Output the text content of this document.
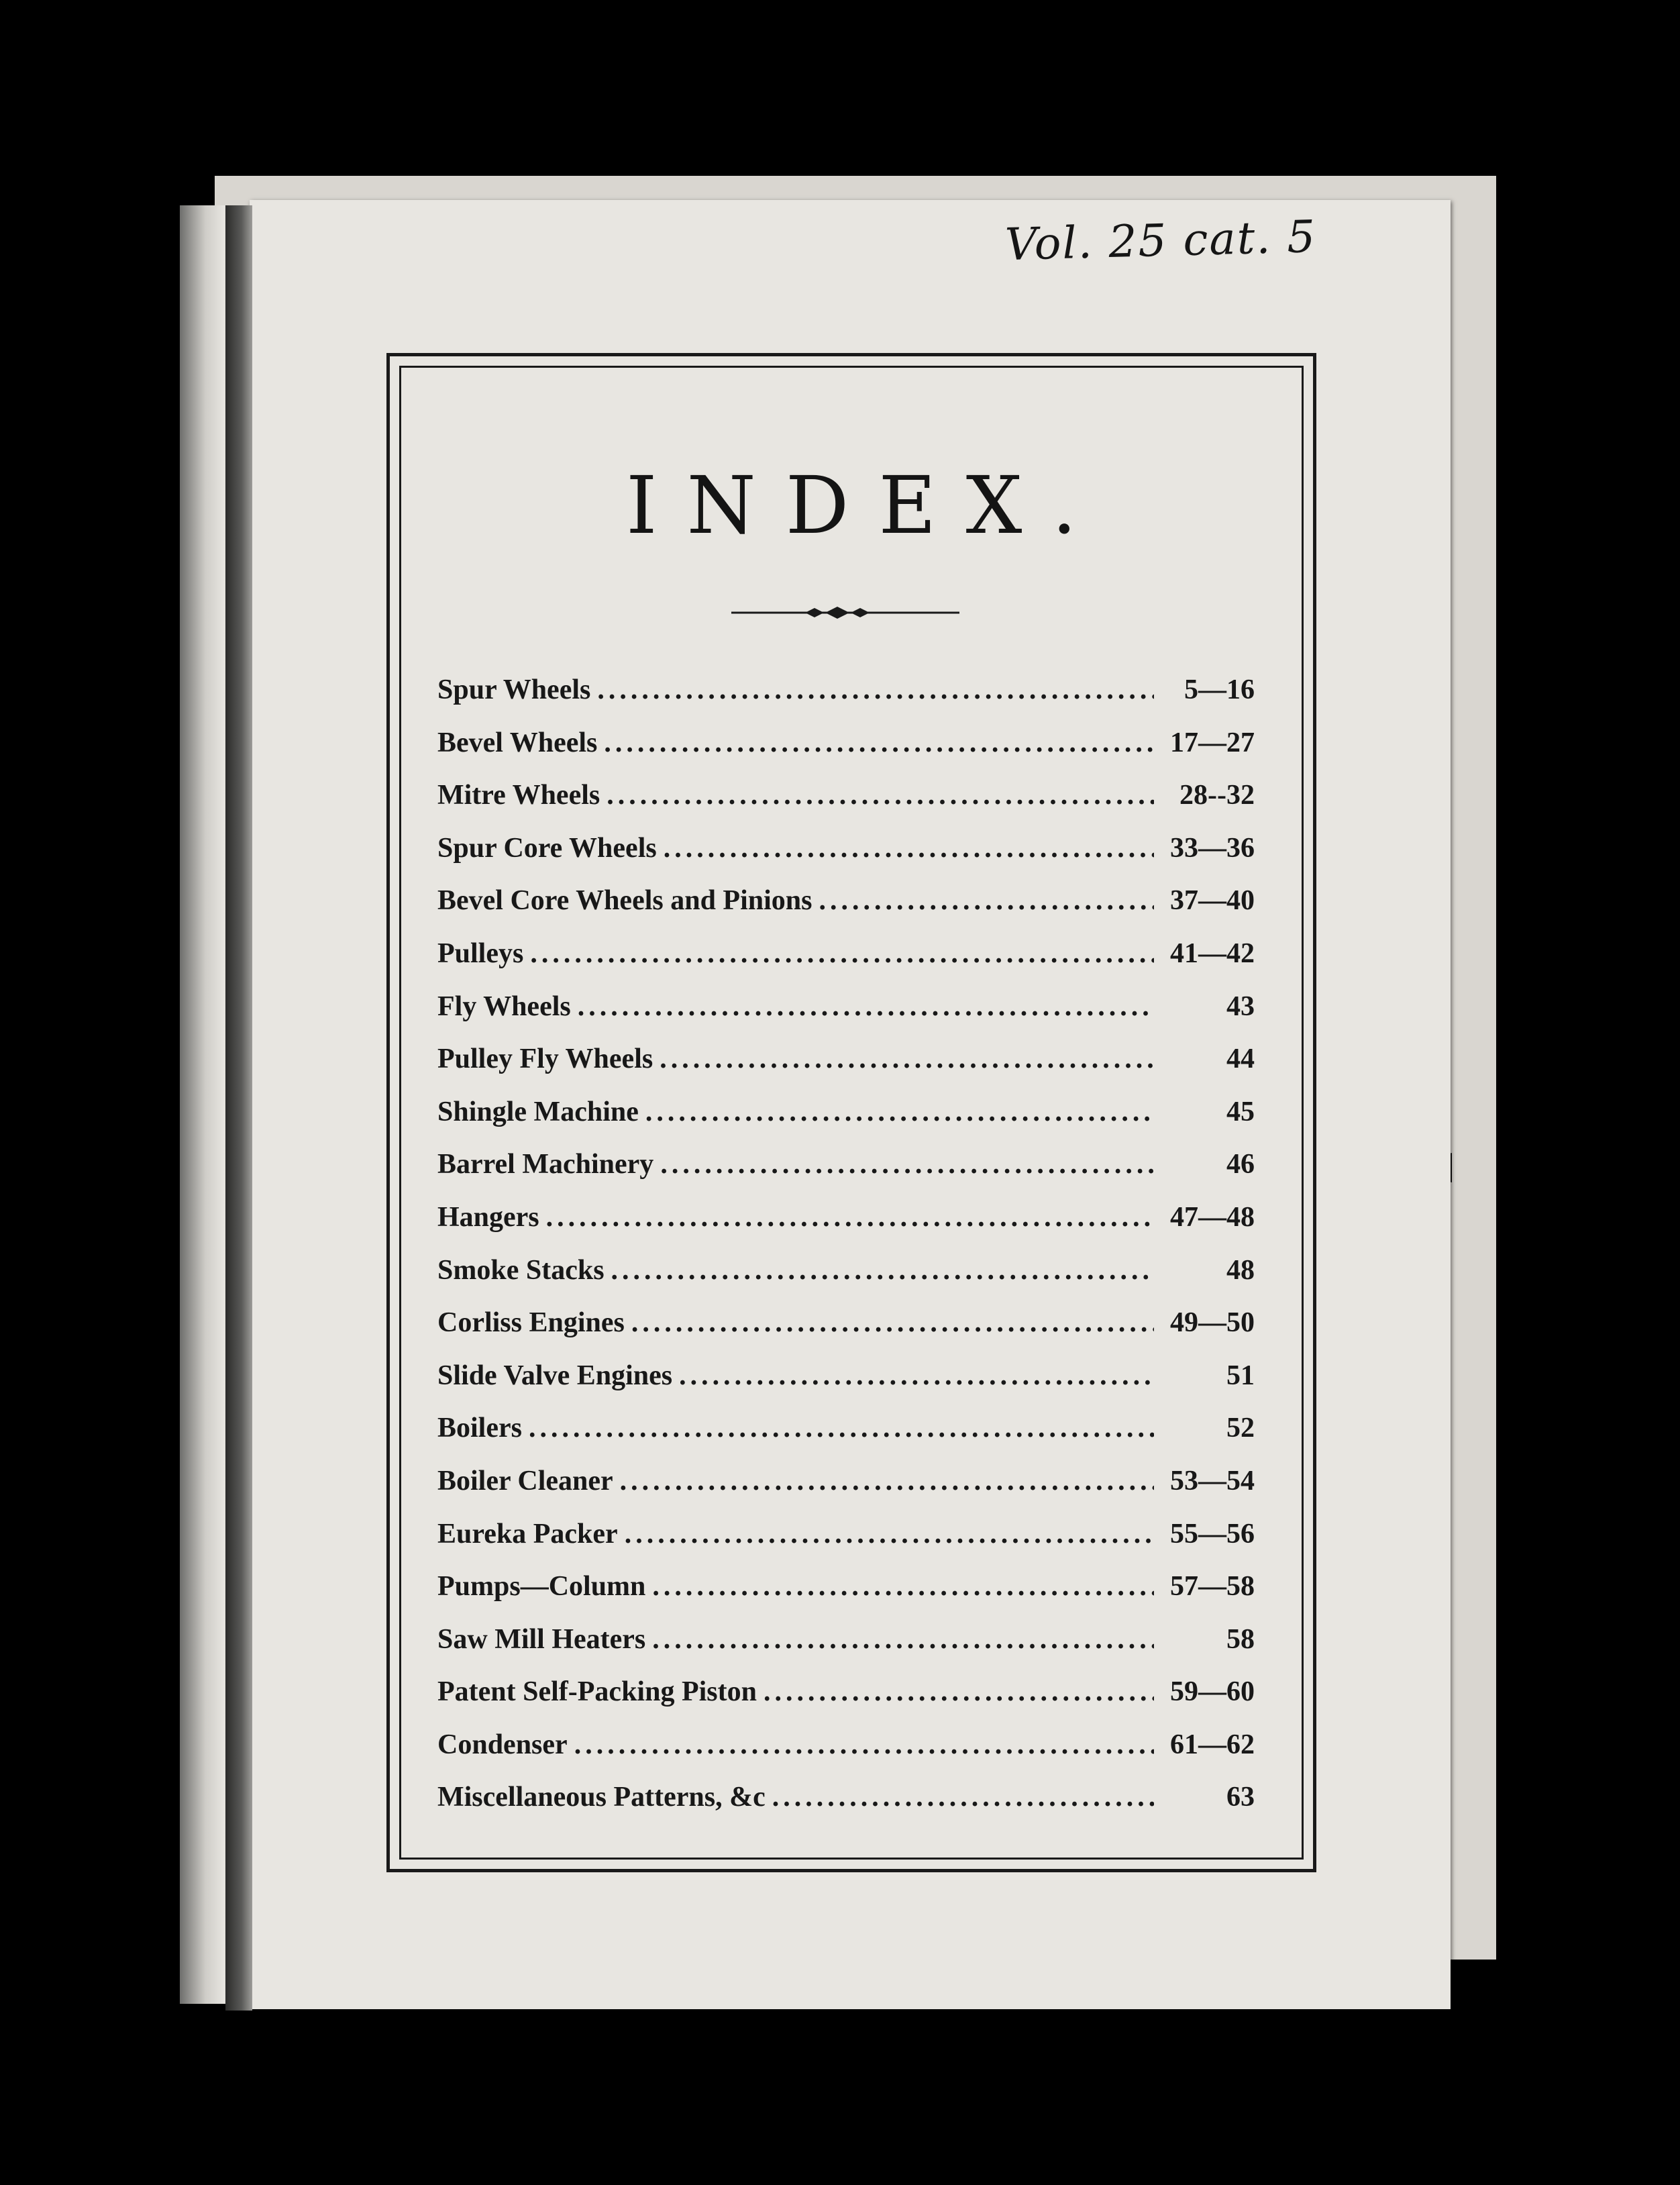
Vol. 25 cat. 5
INDEX.
Spur Wheels .....	5—16
Bevel Wheels .....	17—27
Mitre Wheels .....	28--32
Spur Core Wheels .....	33—36
Bevel Core Wheels and Pinions .....	37—40
Pulleys .....	41—42
Fly Wheels .....	43
Pulley Fly Wheels .....	44
Shingle Machine .....	45
Barrel Machinery .....	46
Hangers .....	47—48
Smoke Stacks .....	48
Corliss Engines .....	49—50
Slide Valve Engines .....	51
Boilers .....	52
Boiler Cleaner .....	53—54
Eureka Packer .....	55—56
Pumps—Column .....	57—58
Saw Mill Heaters .....	58
Patent Self-Packing Piston .....	59—60
Condenser .....	61—62
Miscellaneous Patterns, &c .....	63
